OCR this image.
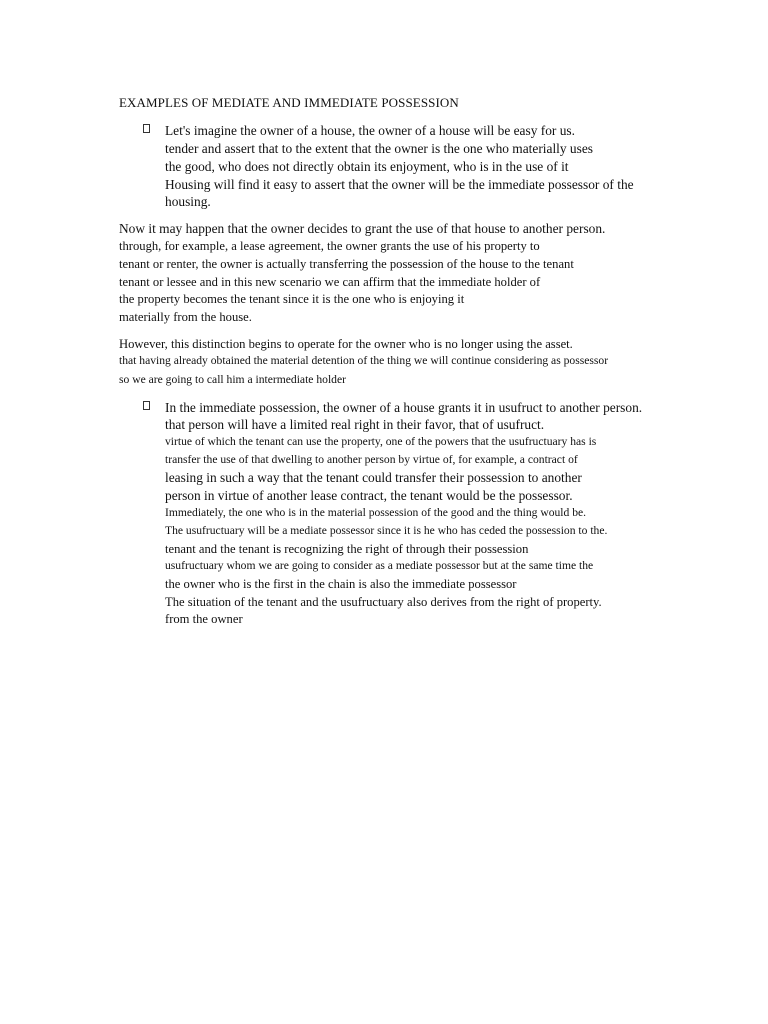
EXAMPLES OF MEDIATE AND IMMEDIATE POSSESSION
Let's imagine the owner of a house, the owner of a house will be easy for us.
tender and assert that to the extent that the owner is the one who materially uses
the good, who does not directly obtain its enjoyment, who is in the use of it
Housing will find it easy to assert that the owner will be the immediate possessor of the
housing.
Now it may happen that the owner decides to grant the use of that house to another person.
through, for example, a lease agreement, the owner grants the use of his property to
tenant or renter, the owner is actually transferring the possession of the house to the tenant
tenant or lessee and in this new scenario we can affirm that the immediate holder of
the property becomes the tenant since it is the one who is enjoying it
materially from the house.
However, this distinction begins to operate for the owner who is no longer using the asset.
that having already obtained the material detention of the thing we will continue considering as possessor
so we are going to call him a intermediate holder
In the immediate possession, the owner of a house grants it in usufruct to another person.
that person will have a limited real right in their favor, that of usufruct.
virtue of which the tenant can use the property, one of the powers that the usufructuary has is
transfer the use of that dwelling to another person by virtue of, for example, a contract of
leasing in such a way that the tenant could transfer their possession to another
person in virtue of another lease contract, the tenant would be the possessor.
Immediately, the one who is in the material possession of the good and the thing would be.
The usufructuary will be a mediate possessor since it is he who has ceded the possession to the.
tenant and the tenant is recognizing the right of through their possession
usufructuary whom we are going to consider as a mediate possessor but at the same time the
the owner who is the first in the chain is also the immediate possessor
The situation of the tenant and the usufructuary also derives from the right of property.
from the owner
